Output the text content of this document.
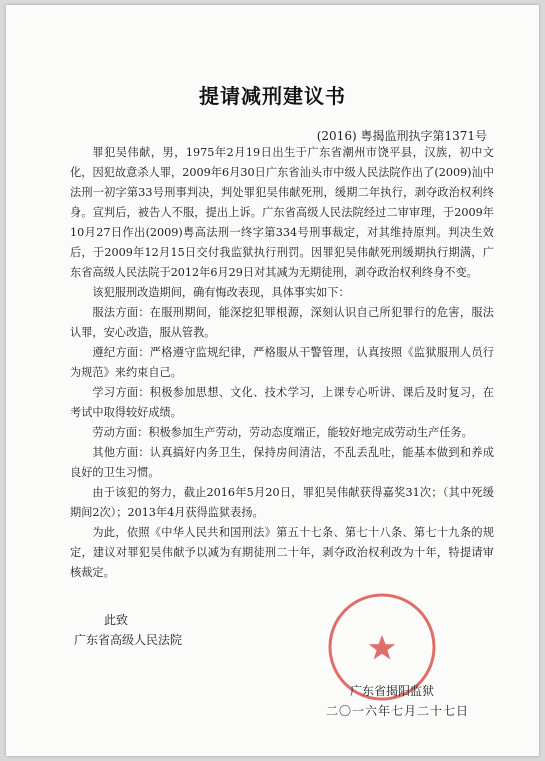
提请减刑建议书
(2016) 粤揭监刑执字第1371号

罪犯吴伟献，男，1975年2月19日出生于广东省潮州市饶平县，汉族，初中文化，因犯故意杀人罪，2009年6月30日广东省汕头市中级人民法院作出了(2009)汕中法刑一初字第33号刑事判决，判处罪犯吴伟献死刑，缓期二年执行，剥夺政治权利终身。宣判后，被告人不服，提出上诉。广东省高级人民法院经过二审审理，于2009年10月27日作出(2009)粤高法刑一终字第334号刑事裁定，对其维持原判。判决生效后，于2009年12月15日交付我监狱执行刑罚。因罪犯吴伟献死刑缓期执行期满，广东省高级人民法院于2012年6月29日对其减为无期徒刑，剥夺政治权利终身不变。

该犯服刑改造期间，确有悔改表现，具体事实如下：

服法方面：在服刑期间，能深挖犯罪根源，深刻认识自己所犯罪行的危害，服法认罪，安心改造，服从管教。

遵纪方面：严格遵守监规纪律，严格服从干警管理，认真按照《监狱服刑人员行为规范》来约束自己。

学习方面：积极参加思想、文化、技术学习，上课专心听讲、课后及时复习，在考试中取得较好成绩。

劳动方面：积极参加生产劳动，劳动态度端正，能较好地完成劳动生产任务。

其他方面：认真搞好内务卫生，保持房间清洁，不乱丢乱吐，能基本做到和养成良好的卫生习惯。

由于该犯的努力，截止2016年5月20日，罪犯吴伟献获得嘉奖31次；（其中死缓期间2次）；2013年4月获得监狱表扬。

为此，依照《中华人民共和国刑法》第五十七条、第七十八条、第七十九条的规定，建议对罪犯吴伟献予以减为有期徒刑二十年，剥夺政治权利改为十年，特提请审核裁定。

此致
广东省高级人民法院
广东省揭阳监狱
二〇一六年七月二十七日
